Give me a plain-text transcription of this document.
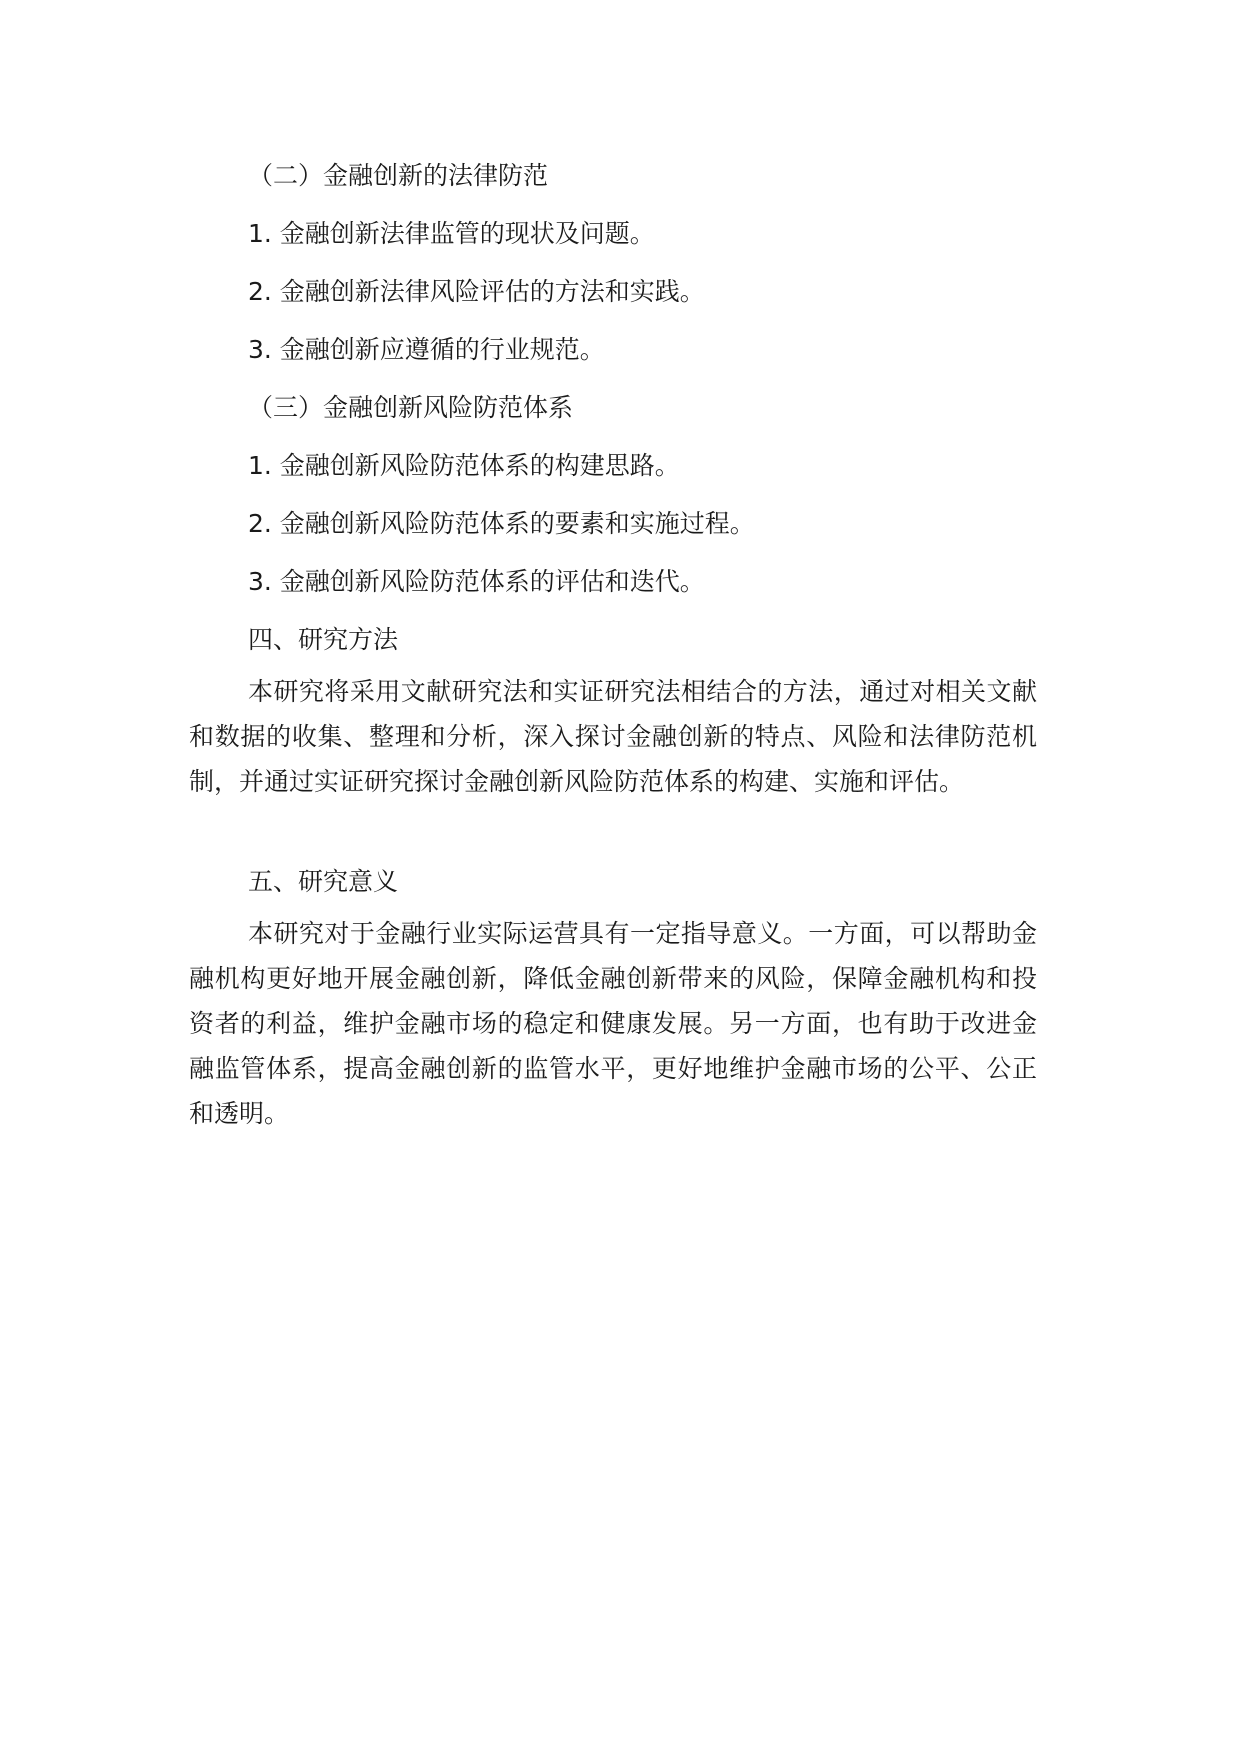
（二）金融创新的法律防范

1. 金融创新法律监管的现状及问题。

2. 金融创新法律风险评估的方法和实践。

3. 金融创新应遵循的行业规范。

（三）金融创新风险防范体系

1. 金融创新风险防范体系的构建思路。

2. 金融创新风险防范体系的要素和实施过程。

3. 金融创新风险防范体系的评估和迭代。

四、研究方法

本研究将采用文献研究法和实证研究法相结合的方法，通过对相关文献和数据的收集、整理和分析，深入探讨金融创新的特点、风险和法律防范机制，并通过实证研究探讨金融创新风险防范体系的构建、实施和评估。

五、研究意义

本研究对于金融行业实际运营具有一定指导意义。一方面，可以帮助金融机构更好地开展金融创新，降低金融创新带来的风险，保障金融机构和投资者的利益，维护金融市场的稳定和健康发展。另一方面，也有助于改进金融监管体系，提高金融创新的监管水平，更好地维护金融市场的公平、公正和透明。
